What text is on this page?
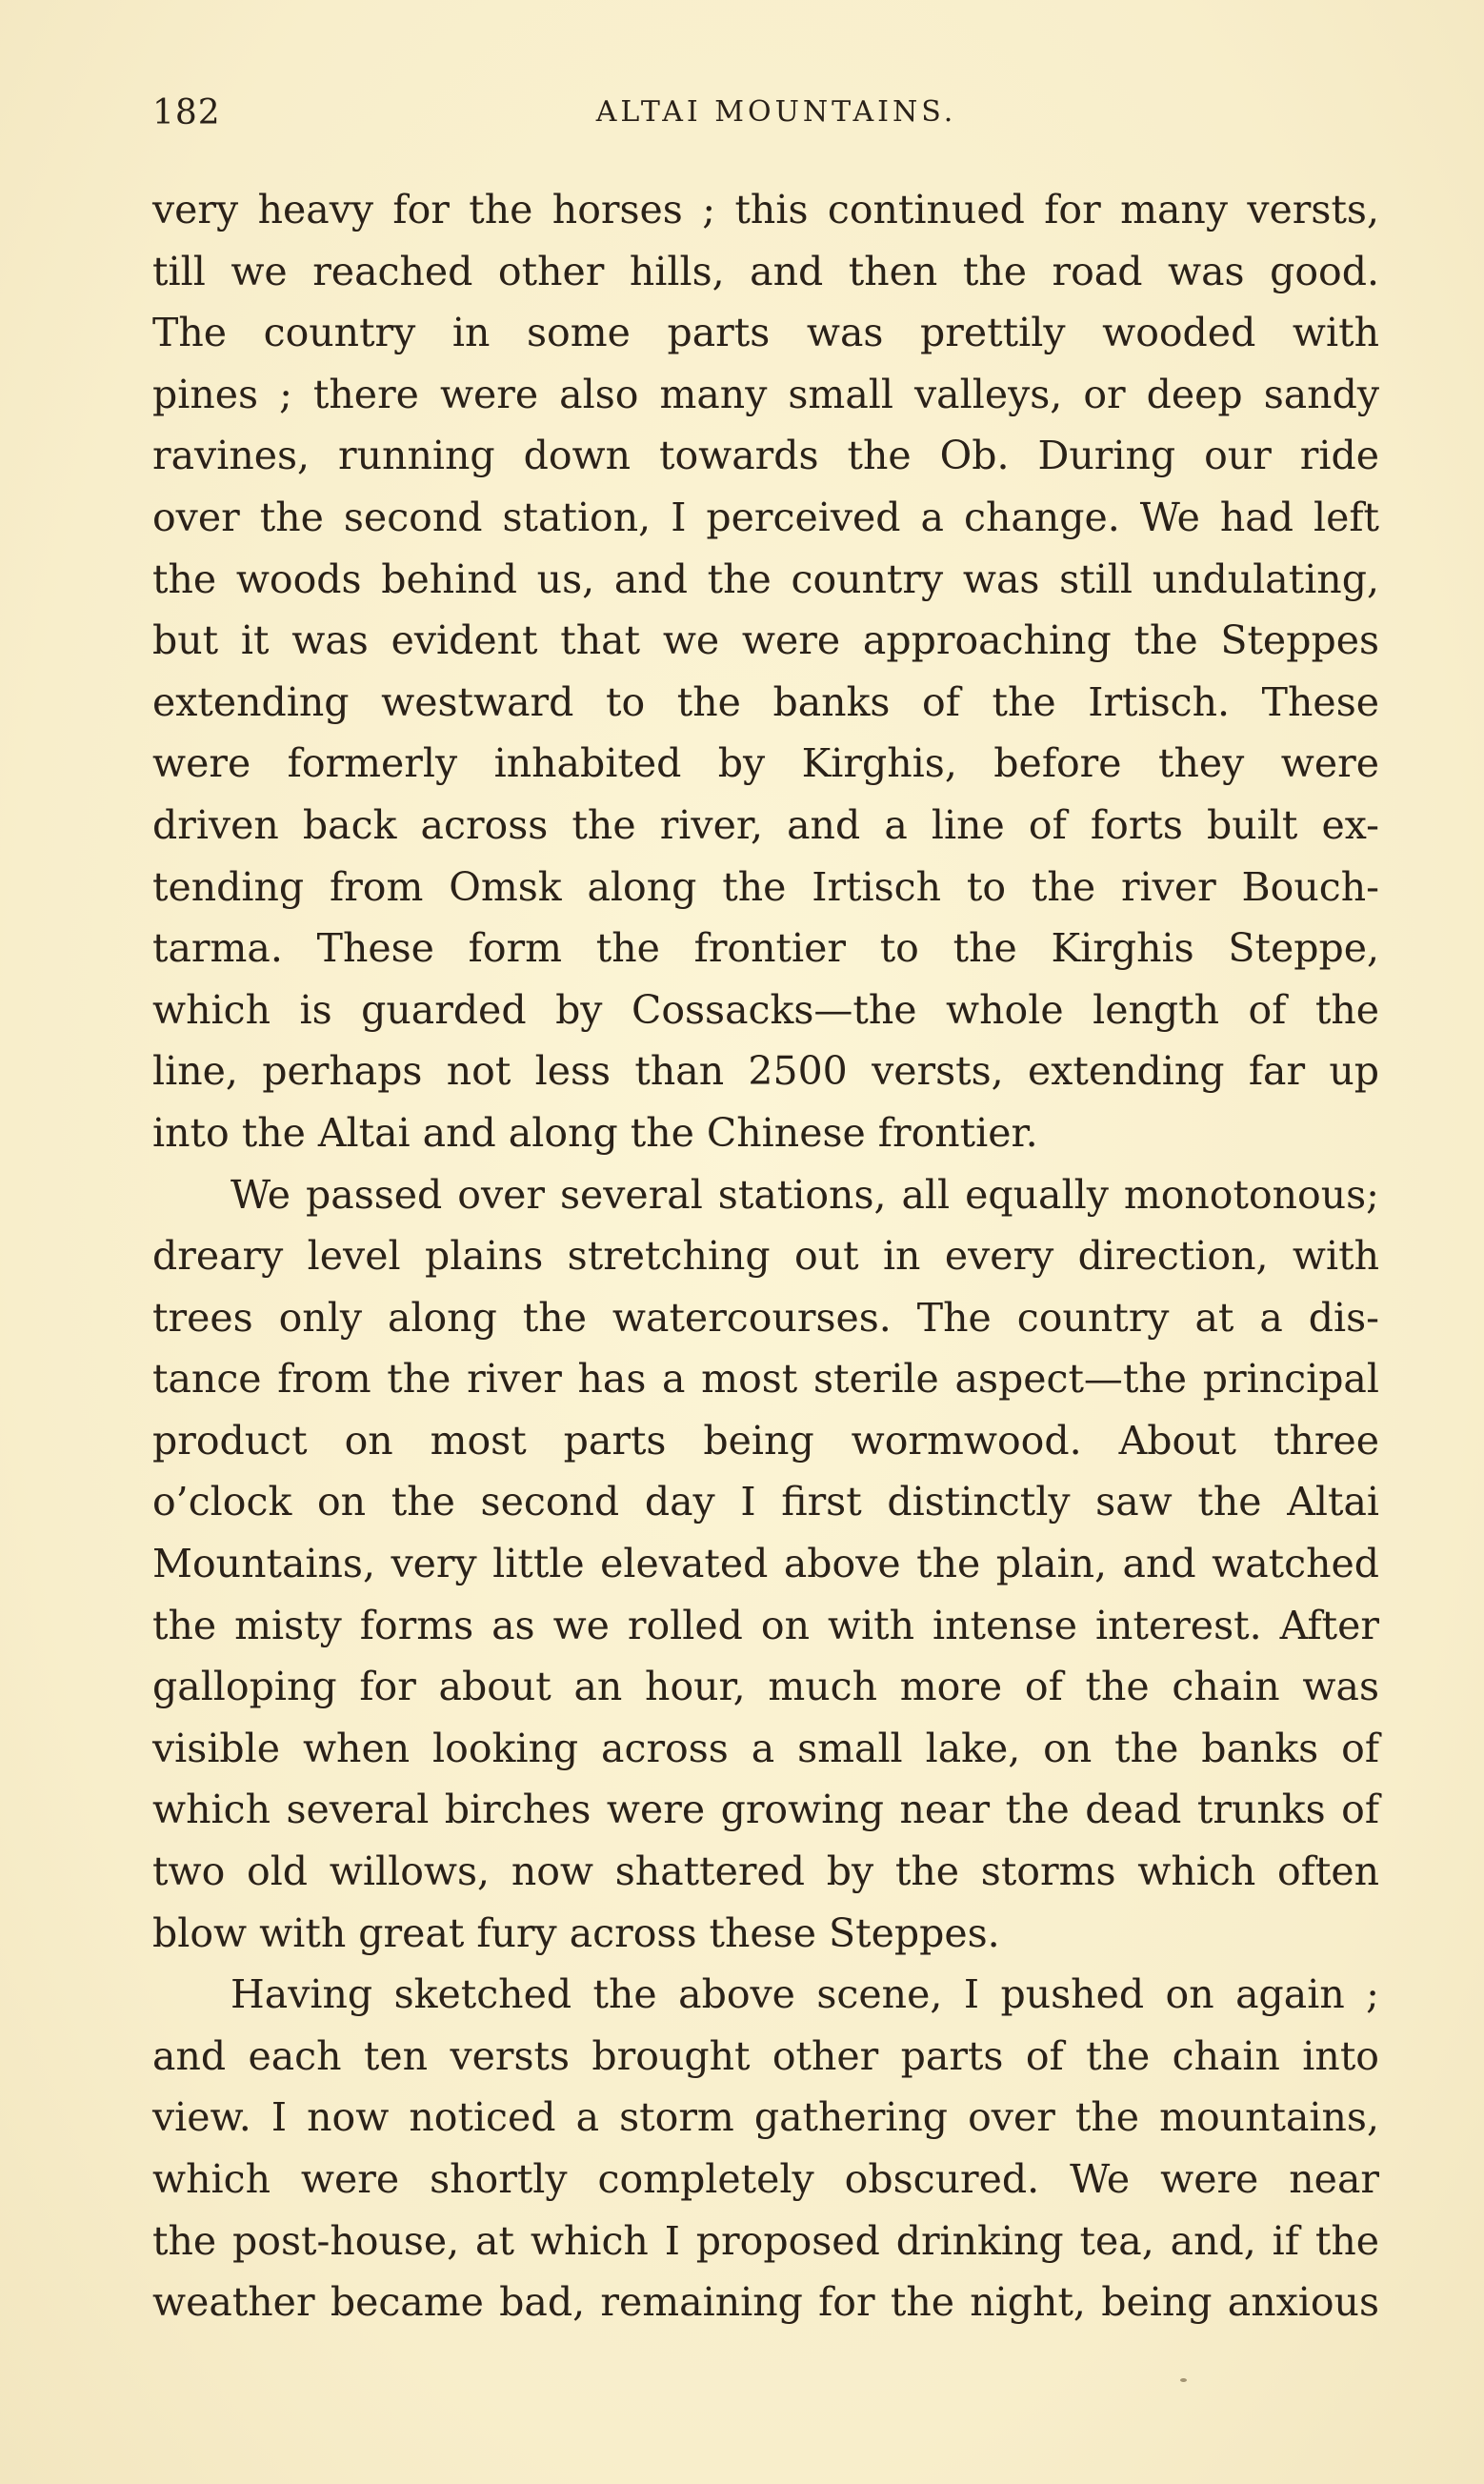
182	ALTAI MOUNTAINS.
very heavy for the horses ; this continued for many versts,
till we reached other hills, and then the road was good.
The country in some parts was prettily wooded with
pines ; there were also many small valleys, or deep sandy
ravines, running down towards the Ob. During our ride
over the second station, I perceived a change. We had left
the woods behind us, and the country was still undulating,
but it was evident that we were approaching the Steppes
extending westward to the banks of the Irtisch. These
were formerly inhabited by Kirghis, before they were
driven back across the river, and a line of forts built ex-
tending from Omsk along the Irtisch to the river Bouch-
tarma. These form the frontier to the Kirghis Steppe,
which is guarded by Cossacks—the whole length of the
line, perhaps not less than 2500 versts, extending far up
into the Altai and along the Chinese frontier.
We passed over several stations, all equally monotonous;
dreary level plains stretching out in every direction, with
trees only along the watercourses. The country at a dis-
tance from the river has a most sterile aspect—the principal
product on most parts being wormwood. About three
o’clock on the second day I first distinctly saw the Altai
Mountains, very little elevated above the plain, and watched
the misty forms as we rolled on with intense interest. After
galloping for about an hour, much more of the chain was
visible when looking across a small lake, on the banks of
which several birches were growing near the dead trunks of
two old willows, now shattered by the storms which often
blow with great fury across these Steppes.
Having sketched the above scene, I pushed on again ;
and each ten versts brought other parts of the chain into
view. I now noticed a storm gathering over the mountains,
which were shortly completely obscured. We were near
the post-house, at which I proposed drinking tea, and, if the
weather became bad, remaining for the night, being anxious
